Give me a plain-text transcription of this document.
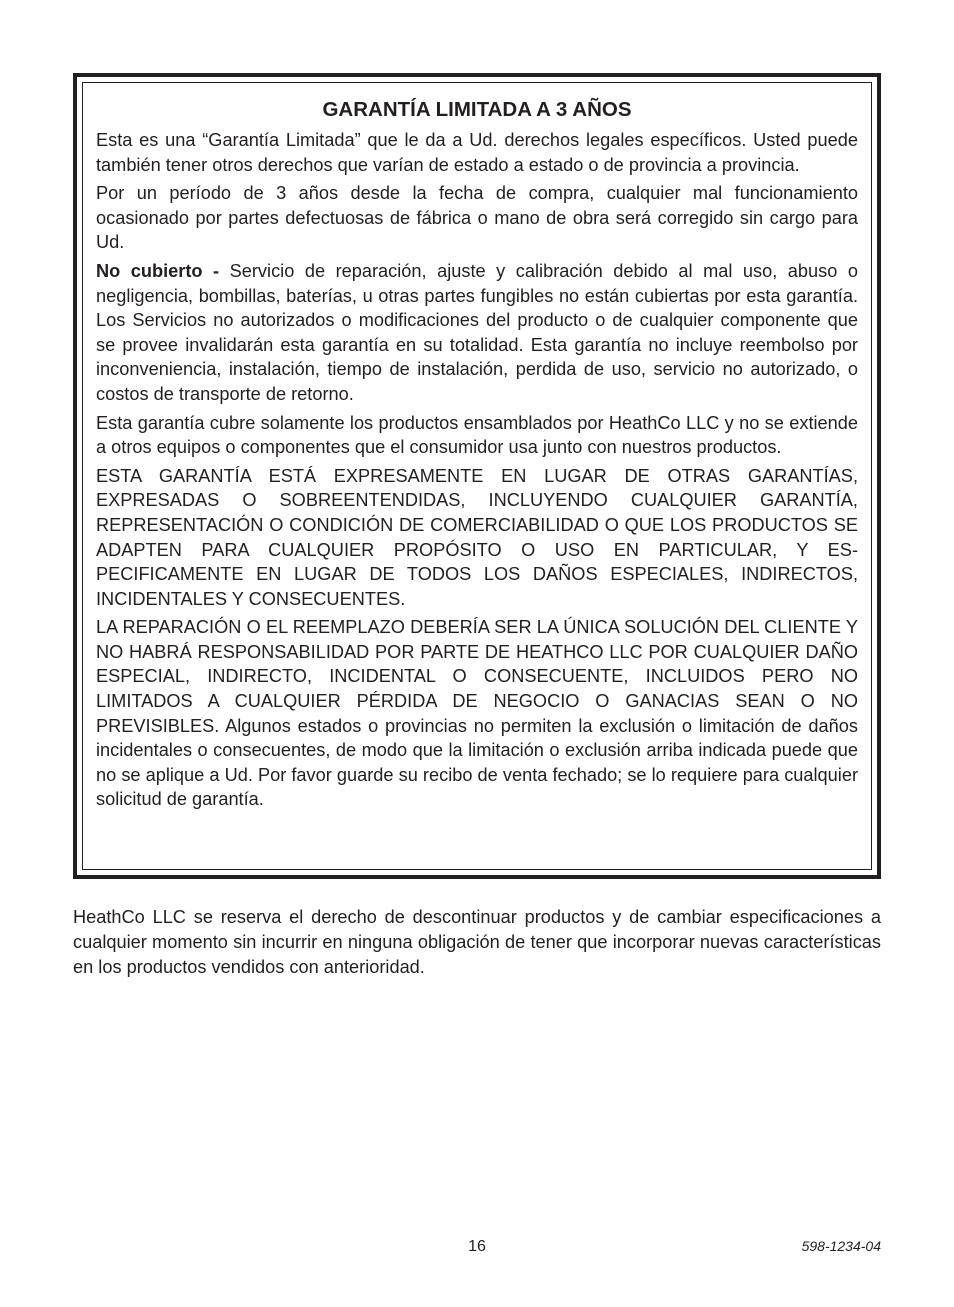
GARANTÍA LIMITADA A 3 AÑOS

Esta es una “Garantía Limitada” que le da a Ud. derechos legales específicos. Usted puede también tener otros derechos que varían de estado a estado o de provincia a provincia.

Por un período de 3 años desde la fecha de compra, cualquier mal funcionamiento ocasionado por partes defectuosas de fábrica o mano de obra será corregido sin cargo para Ud.

No cubierto - Servicio de reparación, ajuste y calibración debido al mal uso, abuso o negligencia, bombillas, baterías, u otras partes fungibles no están cubiertas por esta garantía. Los Servicios no autorizados o modificaciones del producto o de cualquier componente que se provee invalidarán esta garantía en su totalidad. Esta garantía no incluye reembolso por inconveniencia, instalación, tiempo de instalación, perdida de uso, servicio no autorizado, o costos de transporte de retorno.

Esta garantía cubre solamente los productos ensamblados por HeathCo LLC y no se extiende a otros equipos o componentes que el consumidor usa junto con nuestros productos.

ESTA GARANTÍA ESTÁ EXPRESAMENTE EN LUGAR DE OTRAS GARANTÍAS, EXPRESADAS O SOBREENTENDIDAS, INCLUYENDO CUALQUIER GARANTÍA, REPRESENTACIÓN O CONDICIÓN DE COMERCIABILIDAD O QUE LOS PRODUCTOS SE ADAPTEN PARA CUALQUIER PROPÓSITO O USO EN PARTICULAR, Y ESPECIFICAMENTE EN LUGAR DE TODOS LOS DAÑOS ESPECIALES, INDIRECTOS, INCIDENTALES Y CONSECUENTES.

LA REPARACIÓN O EL REEMPLAZO DEBERÍA SER LA ÚNICA SOLUCIÓN DEL CLIENTE Y NO HABRÁ RESPONSABILIDAD POR PARTE DE HEATHCO LLC POR CUALQUIER DAÑO ESPECIAL, INDIRECTO, INCIDENTAL O CONSECUENTE, INCLUIDOS PERO NO LIMITADOS A CUALQUIER PÉRDIDA DE NEGOCIO O GANACIAS SEAN O NO PREVISIBLES. Algunos estados o provincias no permiten la exclusión o limitación de daños incidentales o consecuentes, de modo que la limitación o exclusión arriba indicada puede que no se aplique a Ud. Por favor guarde su recibo de venta fechado; se lo requiere para cualquier solicitud de garantía.

HeathCo LLC se reserva el derecho de descontinuar productos y de cambiar especificaciones a cualquier momento sin incurrir en ninguna obligación de tener que incorporar nuevas características en los productos vendidos con anterioridad.

16	598-1234-04
